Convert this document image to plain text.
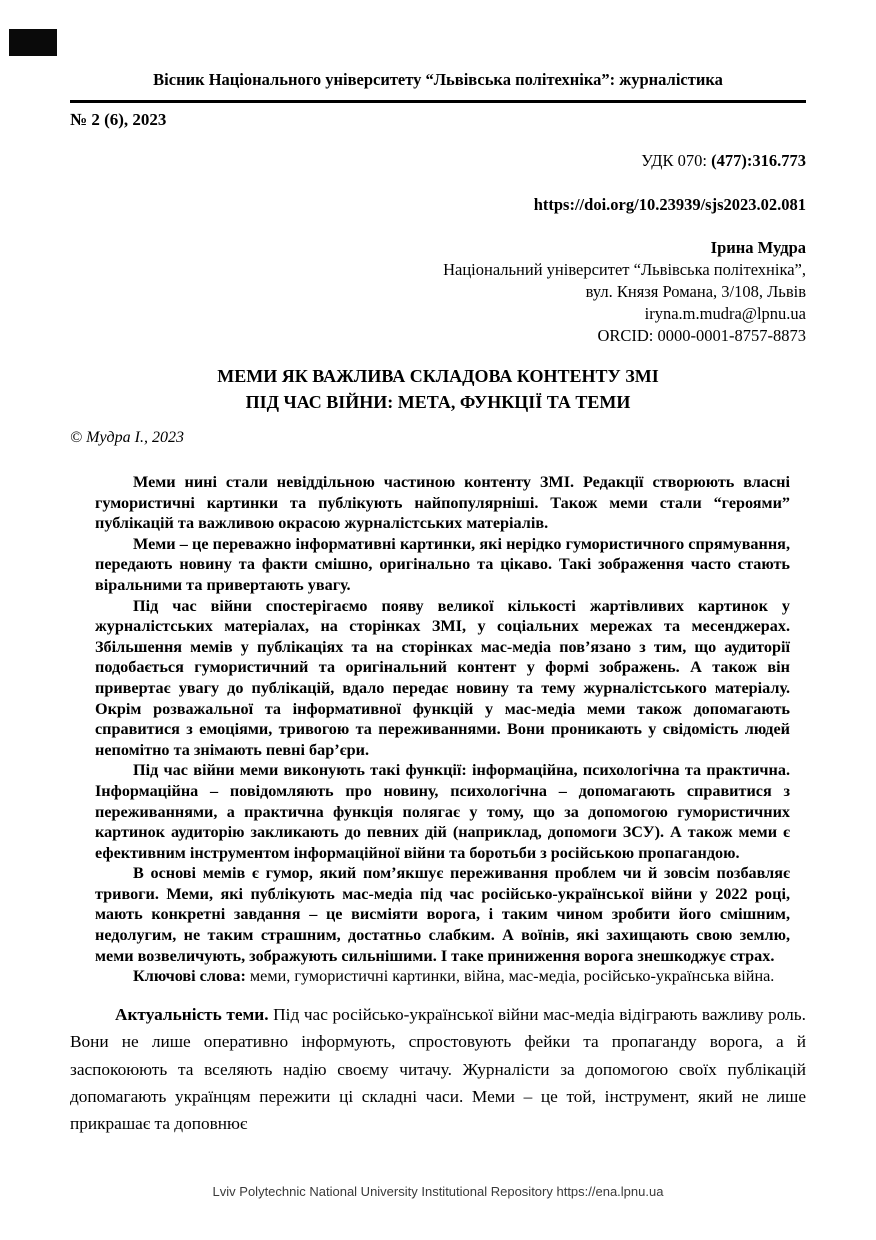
Вісник Національного університету “Львівська політехніка”: журналістика
№ 2 (6), 2023
УДК 070: (477):316.773
https://doi.org/10.23939/sjs2023.02.081
Ірина Мудра
Національний університет “Львівська політехніка”,
вул. Князя Романа, 3/108, Львів
iryna.m.mudra@lpnu.ua
ORCID: 0000-0001-8757-8873
МЕМИ ЯК ВАЖЛИВА СКЛАДОВА КОНТЕНТУ ЗМІ
ПІД ЧАС ВІЙНИ: МЕТА, ФУНКЦІЇ ТА ТЕМИ
© Мудра І., 2023

Меми нині стали невіддільною частиною контенту ЗМІ. Редакції створюють власні гумористичні картинки та публікують найпопулярніші. Також меми стали “героями” публікацій та важливою окрасою журналістських матеріалів.

Меми – це переважно інформативні картинки, які нерідко гумористичного спрямування, передають новину та факти смішно, оригінально та цікаво. Такі зображення часто стають віральними та привертають увагу.

Під час війни спостерігаємо появу великої кількості жартівливих картинок у журналістських матеріалах, на сторінках ЗМІ, у соціальних мережах та месенджерах. Збільшення мемів у публікаціях та на сторінках мас-медіа пов’язано з тим, що аудиторії подобається гумористичний та оригінальний контент у формі зображень. А також він привертає увагу до публікацій, вдало передає новину та тему журналістського матеріалу. Окрім розважальної та інформативної функцій у мас-медіа меми також допомагають справитися з емоціями, тривогою та переживаннями. Вони проникають у свідомість людей непомітно та знімають певні бар’єри.

Під час війни меми виконують такі функції: інформаційна, психологічна та практична. Інформаційна – повідомляють про новину, психологічна – допомагають справитися з переживаннями, а практична функція полягає у тому, що за допомогою гумористичних картинок аудиторію закликають до певних дій (наприклад, допомоги ЗСУ). А також меми є ефективним інструментом інформаційної війни та боротьби з російською пропагандою.

В основі мемів є гумор, який пом’якшує переживання проблем чи й зовсім позбавляє тривоги. Меми, які публікують мас-медіа під час російсько-української війни у 2022 році, мають конкретні завдання – це висміяти ворога, і таким чином зробити його смішним, недолугим, не таким страшним, достатньо слабким. А воїнів, які захищають свою землю, меми возвеличують, зображують сильнішими. І таке приниження ворога знешкоджує страх.

Ключові слова: меми, гумористичні картинки, війна, мас-медіа, російсько-українська війна.

Актуальність теми. Під час російсько-української війни мас-медіа відіграють важливу роль. Вони не лише оперативно інформують, спростовують фейки та пропаганду ворога, а й заспокоюють та вселяють надію своєму читачу. Журналісти за допомогою своїх публікацій допомагають українцям пережити ці складні часи. Меми – це той, інструмент, який не лише прикрашає та доповнює

Lviv Polytechnic National University Institutional Repository https://ena.lpnu.ua
